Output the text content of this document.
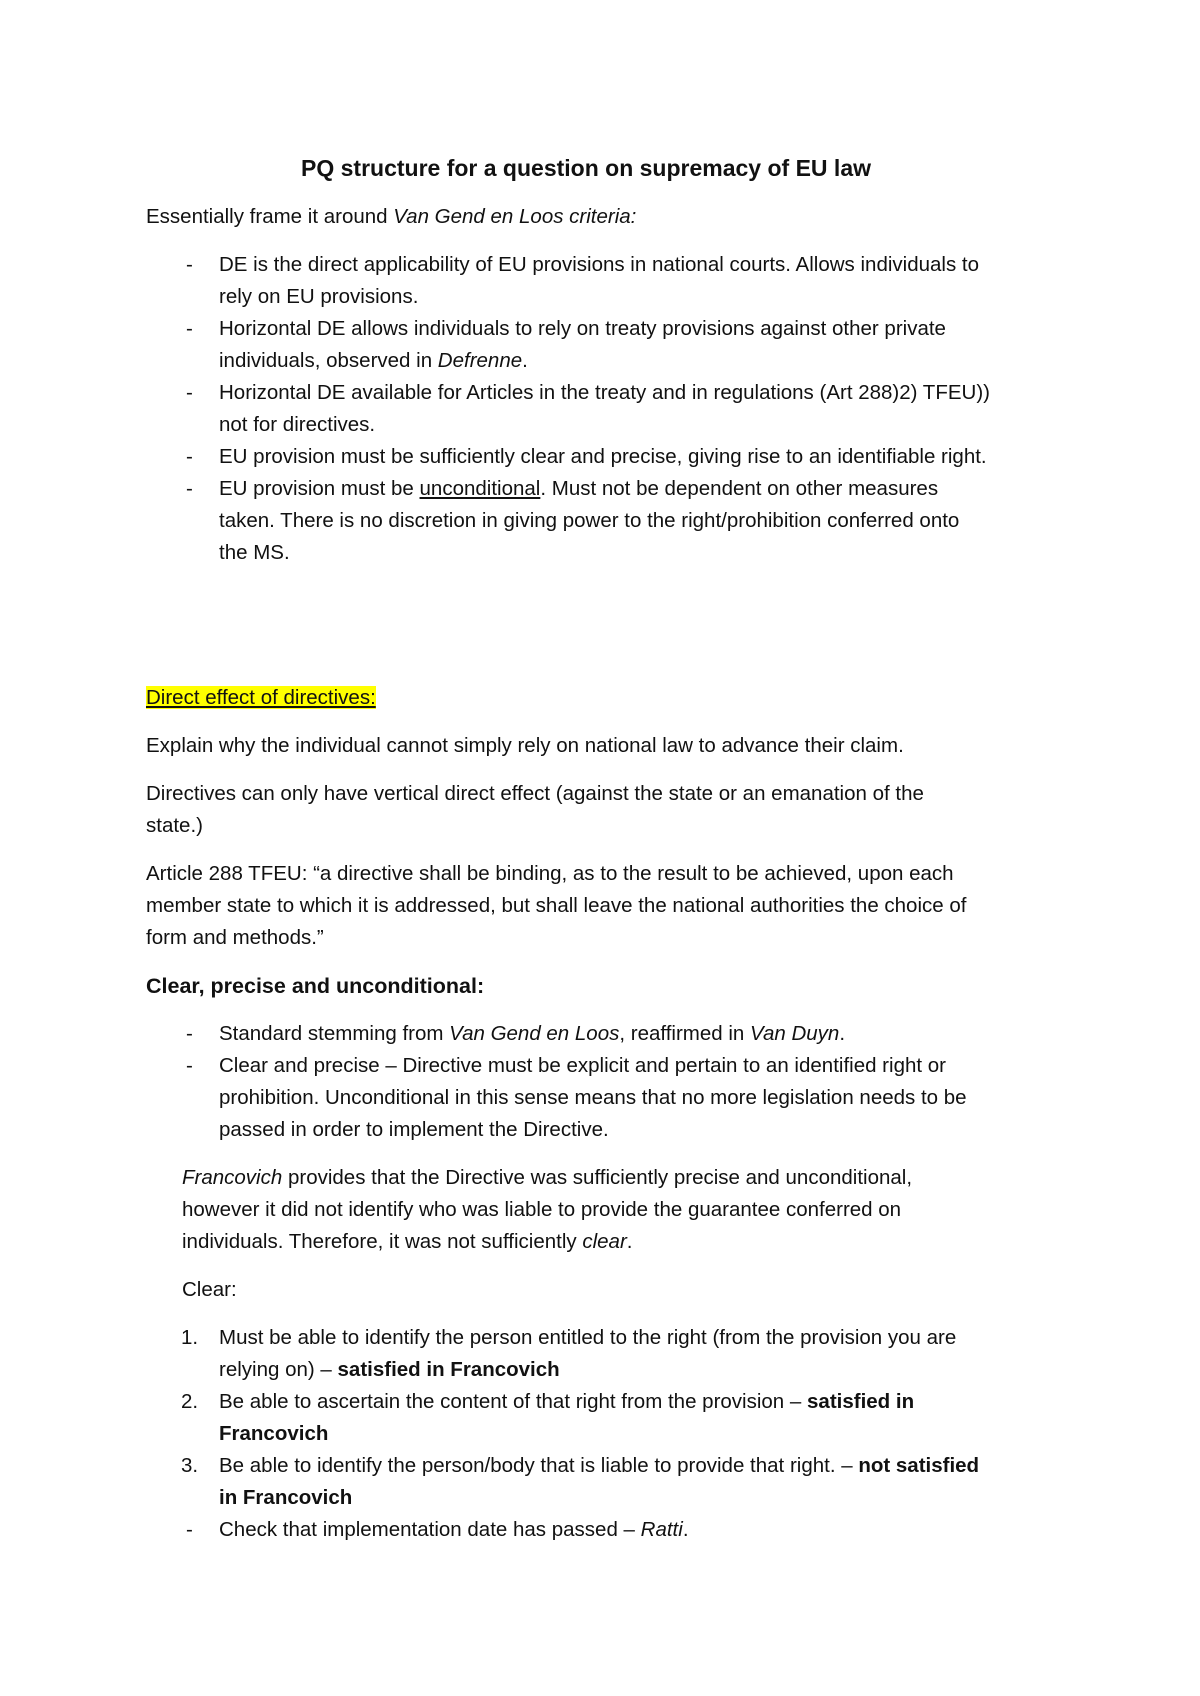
PQ structure for a question on supremacy of EU law
Essentially frame it around Van Gend en Loos criteria:
- DE is the direct applicability of EU provisions in national courts. Allows individuals to
rely on EU provisions.
- Horizontal DE allows individuals to rely on treaty provisions against other private
individuals, observed in Defrenne.
- Horizontal DE available for Articles in the treaty and in regulations (Art 288)2) TFEU))
not for directives.
- EU provision must be sufficiently clear and precise, giving rise to an identifiable right.
- EU provision must be unconditional. Must not be dependent on other measures
taken. There is no discretion in giving power to the right/prohibition conferred onto
the MS.
Direct effect of directives:
Explain why the individual cannot simply rely on national law to advance their claim.
Directives can only have vertical direct effect (against the state or an emanation of the
state.)
Article 288 TFEU: “a directive shall be binding, as to the result to be achieved, upon each
member state to which it is addressed, but shall leave the national authorities the choice of
form and methods.”
Clear, precise and unconditional:
- Standard stemming from Van Gend en Loos, reaffirmed in Van Duyn.
- Clear and precise – Directive must be explicit and pertain to an identified right or
prohibition. Unconditional in this sense means that no more legislation needs to be
passed in order to implement the Directive.
Francovich provides that the Directive was sufficiently precise and unconditional,
however it did not identify who was liable to provide the guarantee conferred on
individuals. Therefore, it was not sufficiently clear.
Clear:
1. Must be able to identify the person entitled to the right (from the provision you are
relying on) – satisfied in Francovich
2. Be able to ascertain the content of that right from the provision – satisfied in
Francovich
3. Be able to identify the person/body that is liable to provide that right. – not satisfied
in Francovich
- Check that implementation date has passed – Ratti.
